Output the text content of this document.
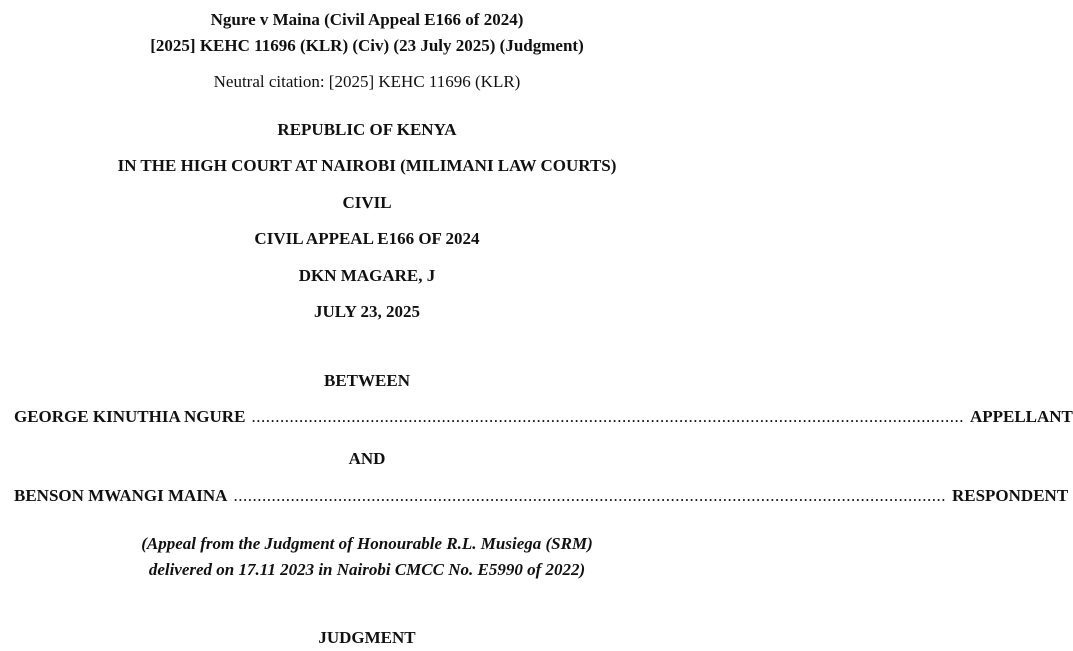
Ngure v Maina (Civil Appeal E166 of 2024)
[2025] KEHC 11696 (KLR) (Civ) (23 July 2025) (Judgment)
Neutral citation: [2025] KEHC 11696 (KLR)
REPUBLIC OF KENYA
IN THE HIGH COURT AT NAIROBI (MILIMANI LAW COURTS)
CIVIL
CIVIL APPEAL E166 OF 2024
DKN MAGARE, J
JULY 23, 2025
BETWEEN
GEORGE KINUTHIA NGURE ...................................................................................................................................................... APPELLANT
AND
BENSON MWANGI MAINA ...................................................................................................................................................... RESPONDENT
(Appeal from the Judgment of Honourable R.L. Musiega (SRM)
delivered on 17.11 2023 in Nairobi CMCC No. E5990 of 2022)
JUDGMENT
